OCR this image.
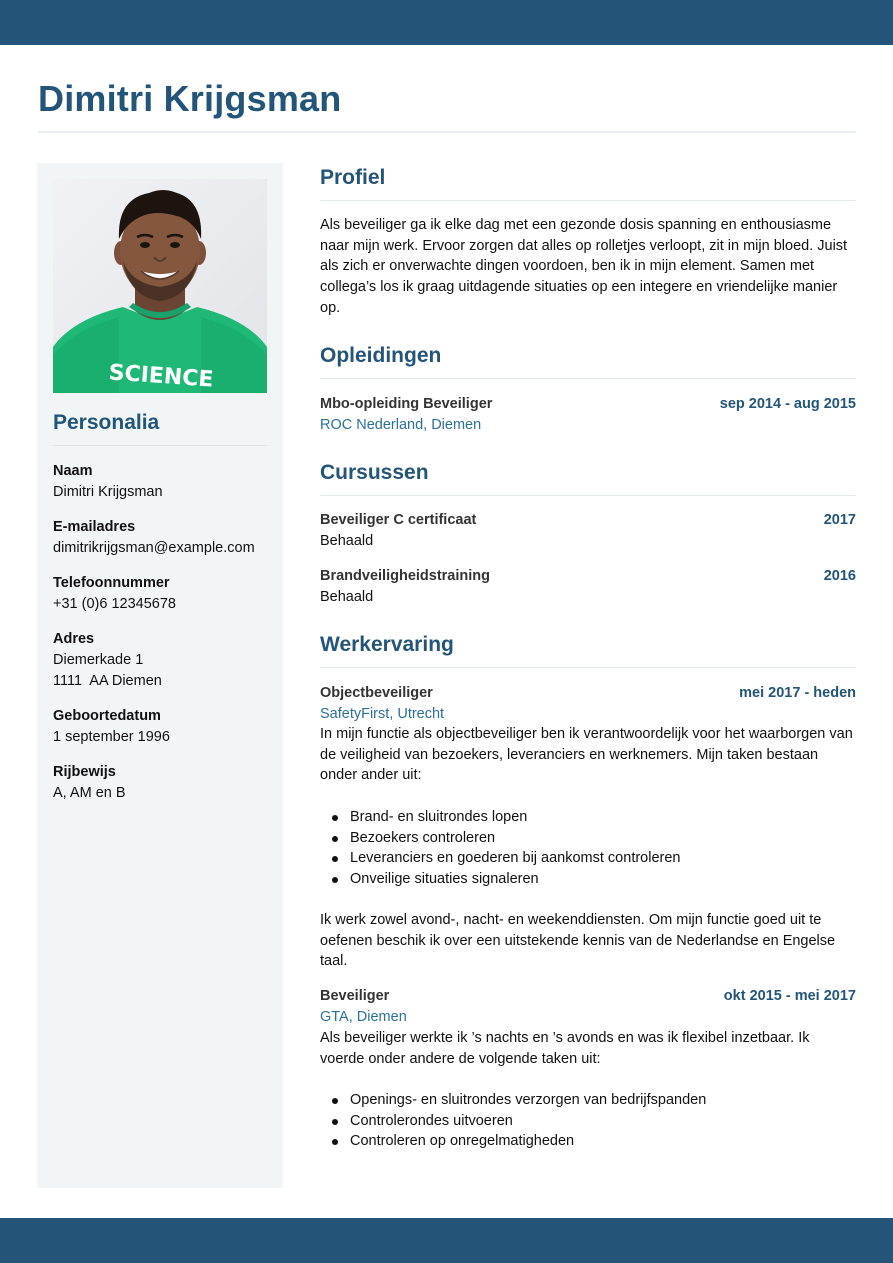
Dimitri Krijgsman
SCIENCE
Personalia
Naam
Dimitri Krijgsman
E-mailadres
dimitrikrijgsman@example.com
Telefoonnummer
+31 (0)6 12345678
Adres
Diemerkade 1
1111  AA Diemen
Geboortedatum
1 september 1996
Rijbewijs
A, AM en B
Profiel

Als beveiliger ga ik elke dag met een gezonde dosis spanning en enthousiasme naar mijn werk. Ervoor zorgen dat alles op rolletjes verloopt, zit in mijn bloed. Juist als zich er onverwachte dingen voordoen, ben ik in mijn element. Samen met collega’s los ik graag uitdagende situaties op een integere en vriendelijke manier op.

Opleidingen
Mbo-opleiding Beveiliger	sep 2014 - aug 2015
ROC Nederland, Diemen
Cursussen
Beveiliger C certificaat	2017
Behaald
Brandveiligheidstraining	2016
Behaald
Werkervaring
Objectbeveiliger	mei 2017 - heden
SafetyFirst, Utrecht

In mijn functie als objectbeveiliger ben ik verantwoordelijk voor het waarborgen van de veiligheid van bezoekers, leveranciers en werknemers. Mijn taken bestaan onder ander uit:

Brand- en sluitrondes lopen
Bezoekers controleren
Leveranciers en goederen bij aankomst controleren
Onveilige situaties signaleren

Ik werk zowel avond-, nacht- en weekenddiensten. Om mijn functie goed uit te oefenen beschik ik over een uitstekende kennis van de Nederlandse en Engelse taal.

Beveiliger	okt 2015 - mei 2017
GTA, Diemen

Als beveiliger werkte ik ’s nachts en ’s avonds en was ik flexibel inzetbaar. Ik voerde onder andere de volgende taken uit:

Openings- en sluitrondes verzorgen van bedrijfspanden
Controlerondes uitvoeren
Controleren op onregelmatigheden
